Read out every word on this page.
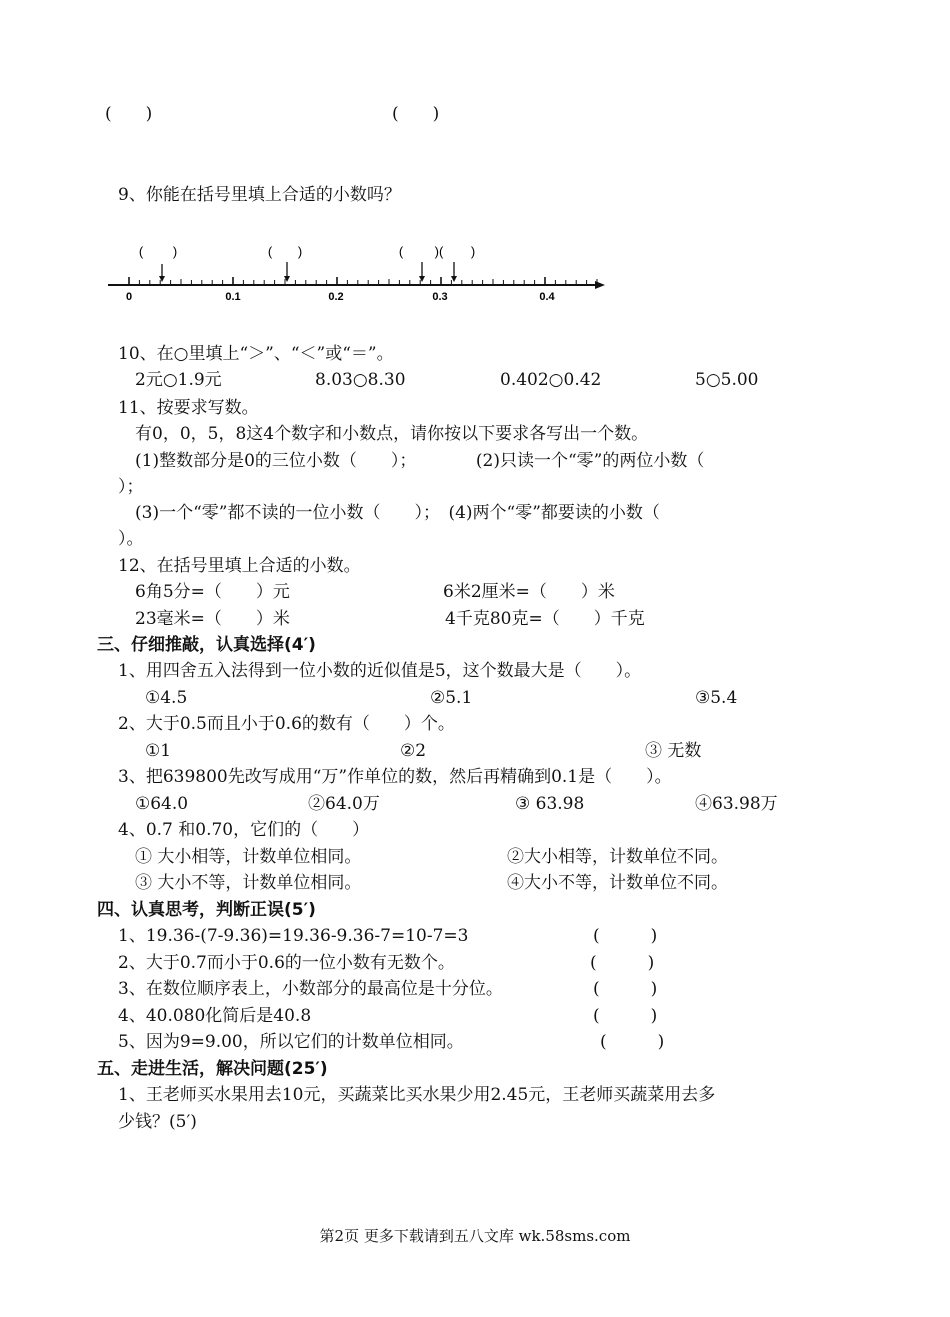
(　　)	(　　)
9、你能在括号里填上合适的小数吗？
( )	( )	( )( )
0	0.1	0.2	0.3	0.4
10、在○里填上“＞”、“＜”或“＝”。
2元○1.9元	8.03○8.30	0.402○0.42	5○5.00
11、按要求写数。
有0，0，5，8这4个数字和小数点，请你按以下要求各写出一个数。
(1)整数部分是0的三位小数（　　）；　　　　(2)只读一个“零”的两位小数（
）；
(3)一个“零”都不读的一位小数（　　）；　(4)两个“零”都要读的小数（
）。
12、在括号里填上合适的小数。
6角5分=（　　）元	6米2厘米=（　　）米
23毫米=（　　）米	4千克80克=（　　）千克
三、仔细推敲，认真选择(4′)
1、用四舍五入法得到一位小数的近似值是5，这个数最大是（　　）。
①4.5	②5.1	③5.4
2、大于0.5而且小于0.6的数有（　　）个。
①1	②2	③ 无数
3、把639800先改写成用“万”作单位的数，然后再精确到0.1是（　　）。
①64.0	②64.0万	③ 63.98	④63.98万
4、0.7 和0.70，它们的（　　）
① 大小相等，计数单位相同。	②大小相等，计数单位不同。
③ 大小不等，计数单位相同。	④大小不等，计数单位不同。
四、认真思考，判断正误(5′)
1、19.36-(7-9.36)=19.36-9.36-7=10-7=3	(　　　)
2、大于0.7而小于0.6的一位小数有无数个。	(　　　)
3、在数位顺序表上，小数部分的最高位是十分位。	(　　　)
4、40.080化简后是40.8	(　　　)
5、因为9=9.00，所以它们的计数单位相同。	(　　　)
五、走进生活，解决问题(25′)
1、王老师买水果用去10元，买蔬菜比买水果少用2.45元，王老师买蔬菜用去多
少钱？(5′)
第2页 更多下载请到五八文库 wk.58sms.com
